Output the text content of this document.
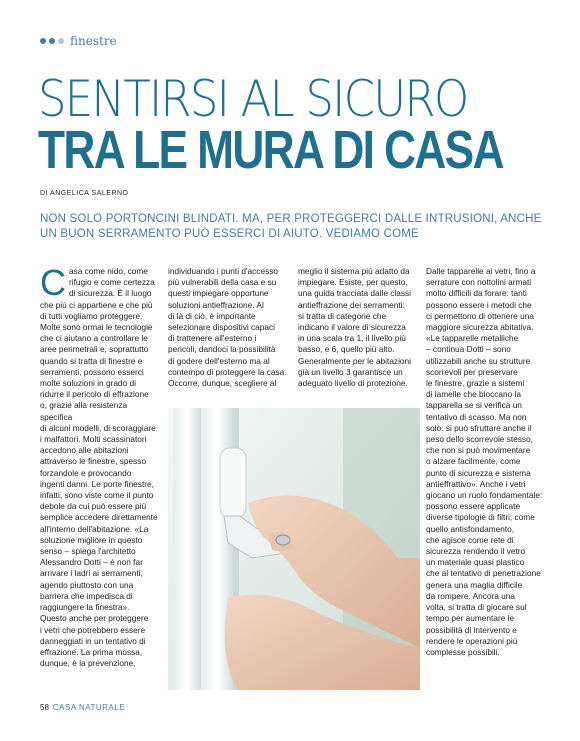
finestre
SENTIRSI AL SICURO
TRA LE MURA DI CASA
DI ANGELICA SALERNO
NON SOLO PORTONCINI BLINDATI. MA, PER PROTEGGERCI DALLE INTRUSIONI, ANCHE UN BUON SERRAMENTO PUÒ ESSERCI DI AIUTO. VEDIAMO COME
C asa come nido, come
rifugio e come certezza
di sicurezza. È il luogo
che più ci appartiene e che più
di tutti vogliamo proteggere.
Molte sono ormai le tecnologie
che ci aiutano a controllare le
aree perimetrali e, soprattutto
quando si tratta di finestre e
serramenti, possono esserci
molte soluzioni in grado di
ridurre il pericolo di effrazione
o, grazie alla resistenza specifica
di alcuni modelli, di scoraggiare
i malfattori. Molti scassinatori
accedono alle abitazioni
attraverso le finestre, spesso
forzandole e provocando
ingenti danni. Le porte finestre,
infatti, sono viste come il punto
debole da cui può essere più
semplice accedere direttamente
all'interno dell'abitazione. «La
soluzione migliore in questo
senso – spiega l'architetto
Alessandro Dotti – è non far
arrivare i ladri ai serramenti,
agendo piuttosto con una
barriera che impedisca di
raggiungere la finestra».
Questo anche per proteggere
i vetri che potrebbero essere
danneggiati in un tentativo di
effrazione. La prima mossa,
dunque, è la prevenzione,

individuando i punti d'accesso
più vulnerabili della casa e su
questi impiegare opportune
soluzioni antieffrazione. Al
di là di ciò, è importante
selezionare dispositivi capaci
di trattenere all'esterno i
pericoli, dandoci la possibilità
di godere dell'esterno ma al
contempo di proteggere la casa.
Occorre, dunque, scegliere al

meglio il sistema più adatto da
impiegare. Esiste, per questo,
una guida tracciata dalle classi
antieffrazione dei serramenti:
si tratta di categorie che
indicano il valore di sicurezza
in una scala tra 1, il livello più
basso, e 6, quello più alto.
Generalmente per le abitazioni
già un livello 3 garantisce un
adeguato livello di protezione.

Dalle tapparelle ai vetri, fino a
serrature con nottolini armati
molto difficili da forare: tanti
possono essere i metodi che
ci permettono di ottenere una
maggiore sicurezza abitativa.
«Le tapparelle metalliche
– continua Dotti – sono
utilizzabili anche su strutture
scorrevoli per preservare
le finestre, grazie a sistemi
di lamelle che bloccano la
tapparella se si verifica un
tentativo di scasso. Ma non
solo: si può sfruttare anche il
peso dello scorrevole stesso,
che non si può movimentare
o alzare facilmente, come
punto di sicurezza e sistema
antieffrattivo». Anche i vetri
giocano un ruolo fondamentale:
possono essere applicate
diverse tipologie di filtri, come
quello antisfondamento,
che agisce come rete di
sicurezza rendendo il vetro
un materiale quasi plastico
che al tentativo di penetrazione
genera una maglia difficile
da rompere. Ancora una
volta, si tratta di giocare sul
tempo per aumentare le
possibilità di intervento e
rendere le operazioni più
complesse possibili.

58 CASA NATURALE
